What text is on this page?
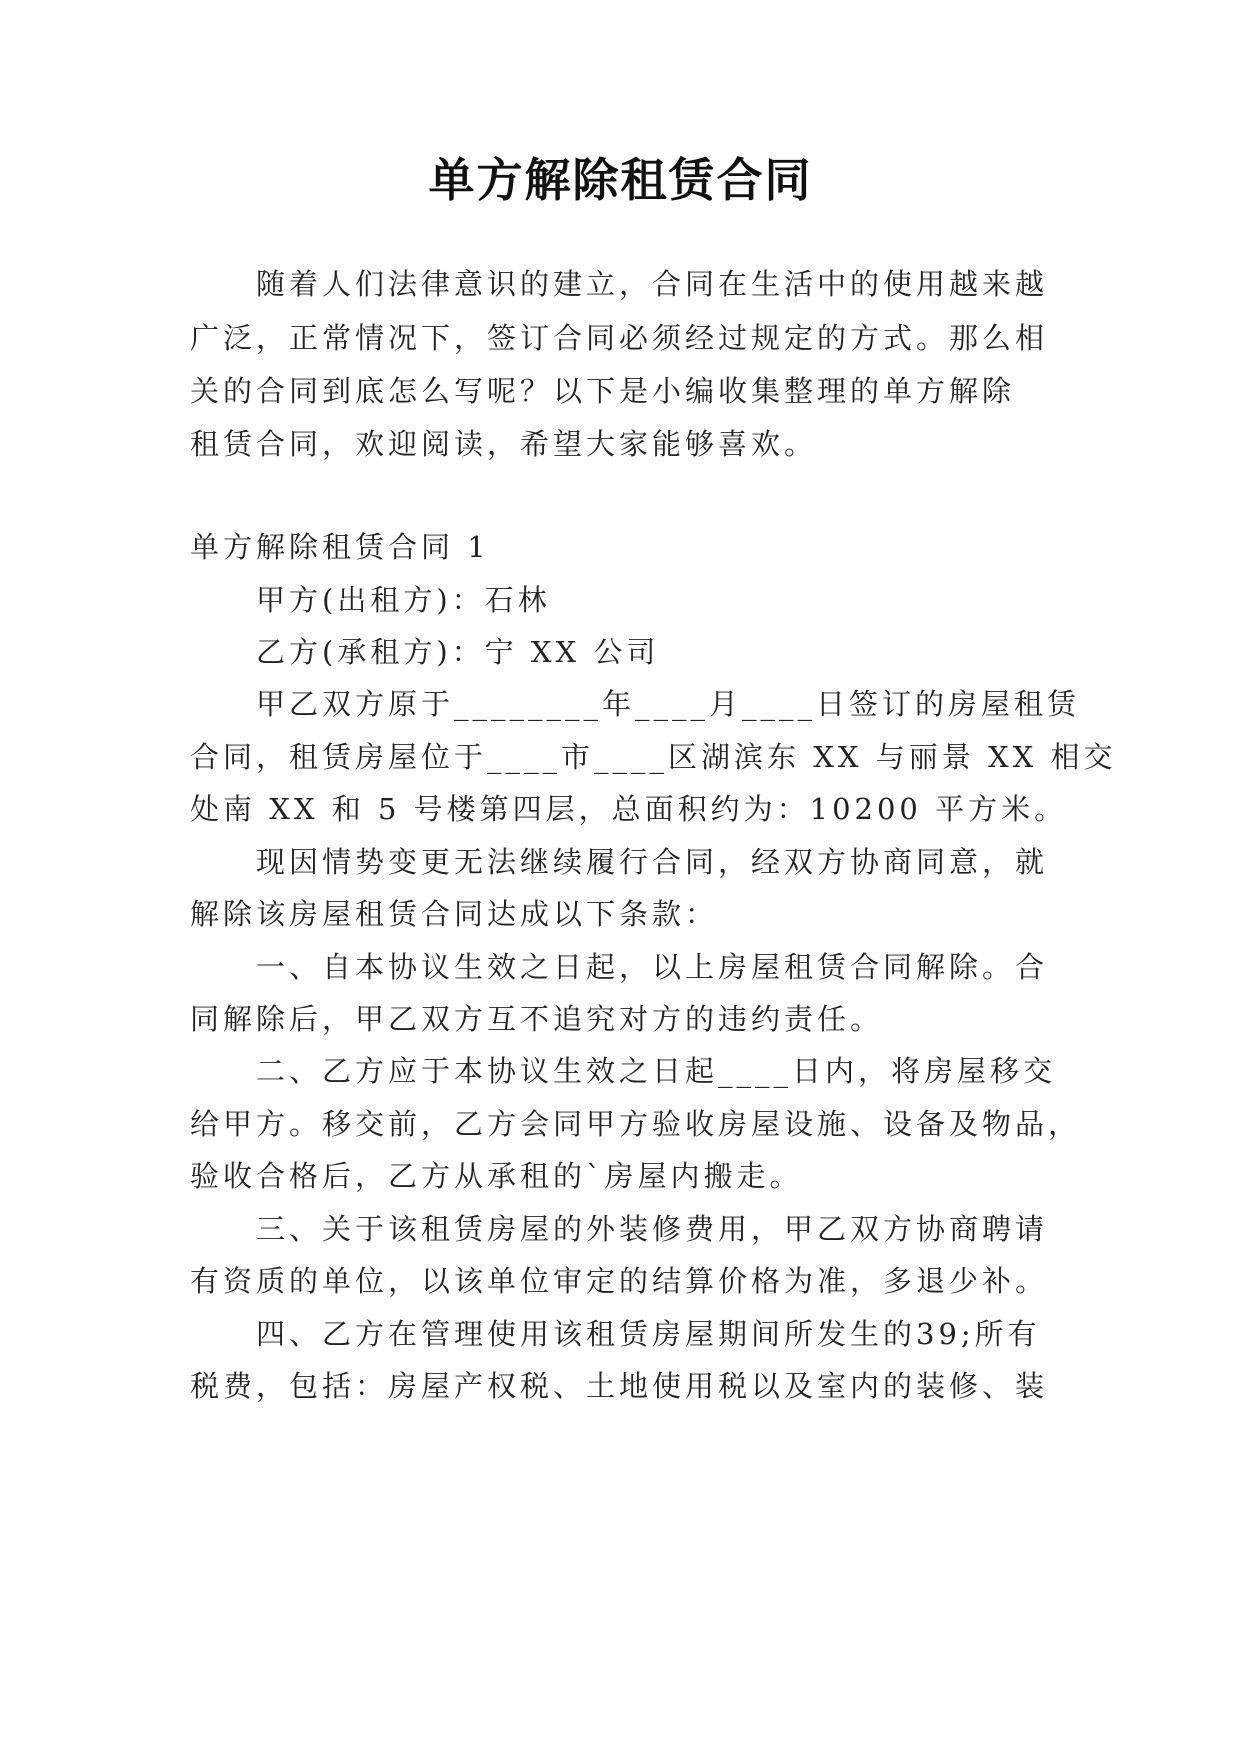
单方解除租赁合同
随着人们法律意识的建立，合同在生活中的使用越来越
广泛，正常情况下，签订合同必须经过规定的方式。那么相
关的合同到底怎么写呢？以下是小编收集整理的单方解除
租赁合同，欢迎阅读，希望大家能够喜欢。
单方解除租赁合同 1
甲方(出租方)：石林
乙方(承租方)：宁 XX 公司
甲乙双方原于________年____月____日签订的房屋租赁
合同，租赁房屋位于____市____区湖滨东 XX 与丽景 XX 相交
处南 XX 和 5 号楼第四层，总面积约为：10200 平方米。
现因情势变更无法继续履行合同，经双方协商同意，就
解除该房屋租赁合同达成以下条款：
一、自本协议生效之日起，以上房屋租赁合同解除。合
同解除后，甲乙双方互不追究对方的违约责任。
二、乙方应于本协议生效之日起____日内，将房屋移交
给甲方。移交前，乙方会同甲方验收房屋设施、设备及物品，
验收合格后，乙方从承租的`房屋内搬走。
三、关于该租赁房屋的外装修费用，甲乙双方协商聘请
有资质的单位，以该单位审定的结算价格为准，多退少补。
四、乙方在管理使用该租赁房屋期间所发生的39;所有
税费，包括：房屋产权税、土地使用税以及室内的装修、装
